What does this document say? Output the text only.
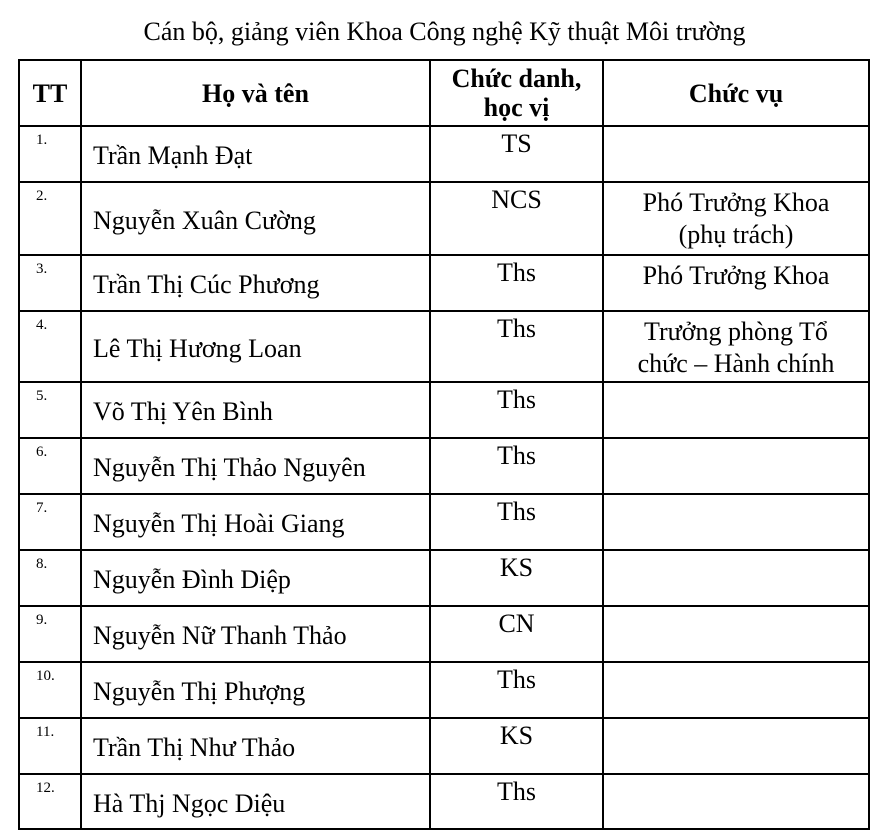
Cán bộ, giảng viên Khoa Công nghệ Kỹ thuật Môi trường
TT	Họ và tên	Chức danh,
học vị	Chức vụ
1.	Trần Mạnh Đạt	TS	
2.	Nguyễn Xuân Cường	NCS	Phó Trưởng Khoa
(phụ trách)
3.	Trần Thị Cúc Phương	Ths	Phó Trưởng Khoa
4.	Lê Thị Hương Loan	Ths	Trưởng phòng Tổ
chức – Hành chính
5.	Võ Thị Yên Bình	Ths	
6.	Nguyễn Thị Thảo Nguyên	Ths	
7.	Nguyễn Thị Hoài Giang	Ths	
8.	Nguyễn Đình Diệp	KS	
9.	Nguyễn Nữ Thanh Thảo	CN	
10.	Nguyễn Thị Phượng	Ths	
11.	Trần Thị Như Thảo	KS	
12.	Hà Thj Ngọc Diệu	Ths	
